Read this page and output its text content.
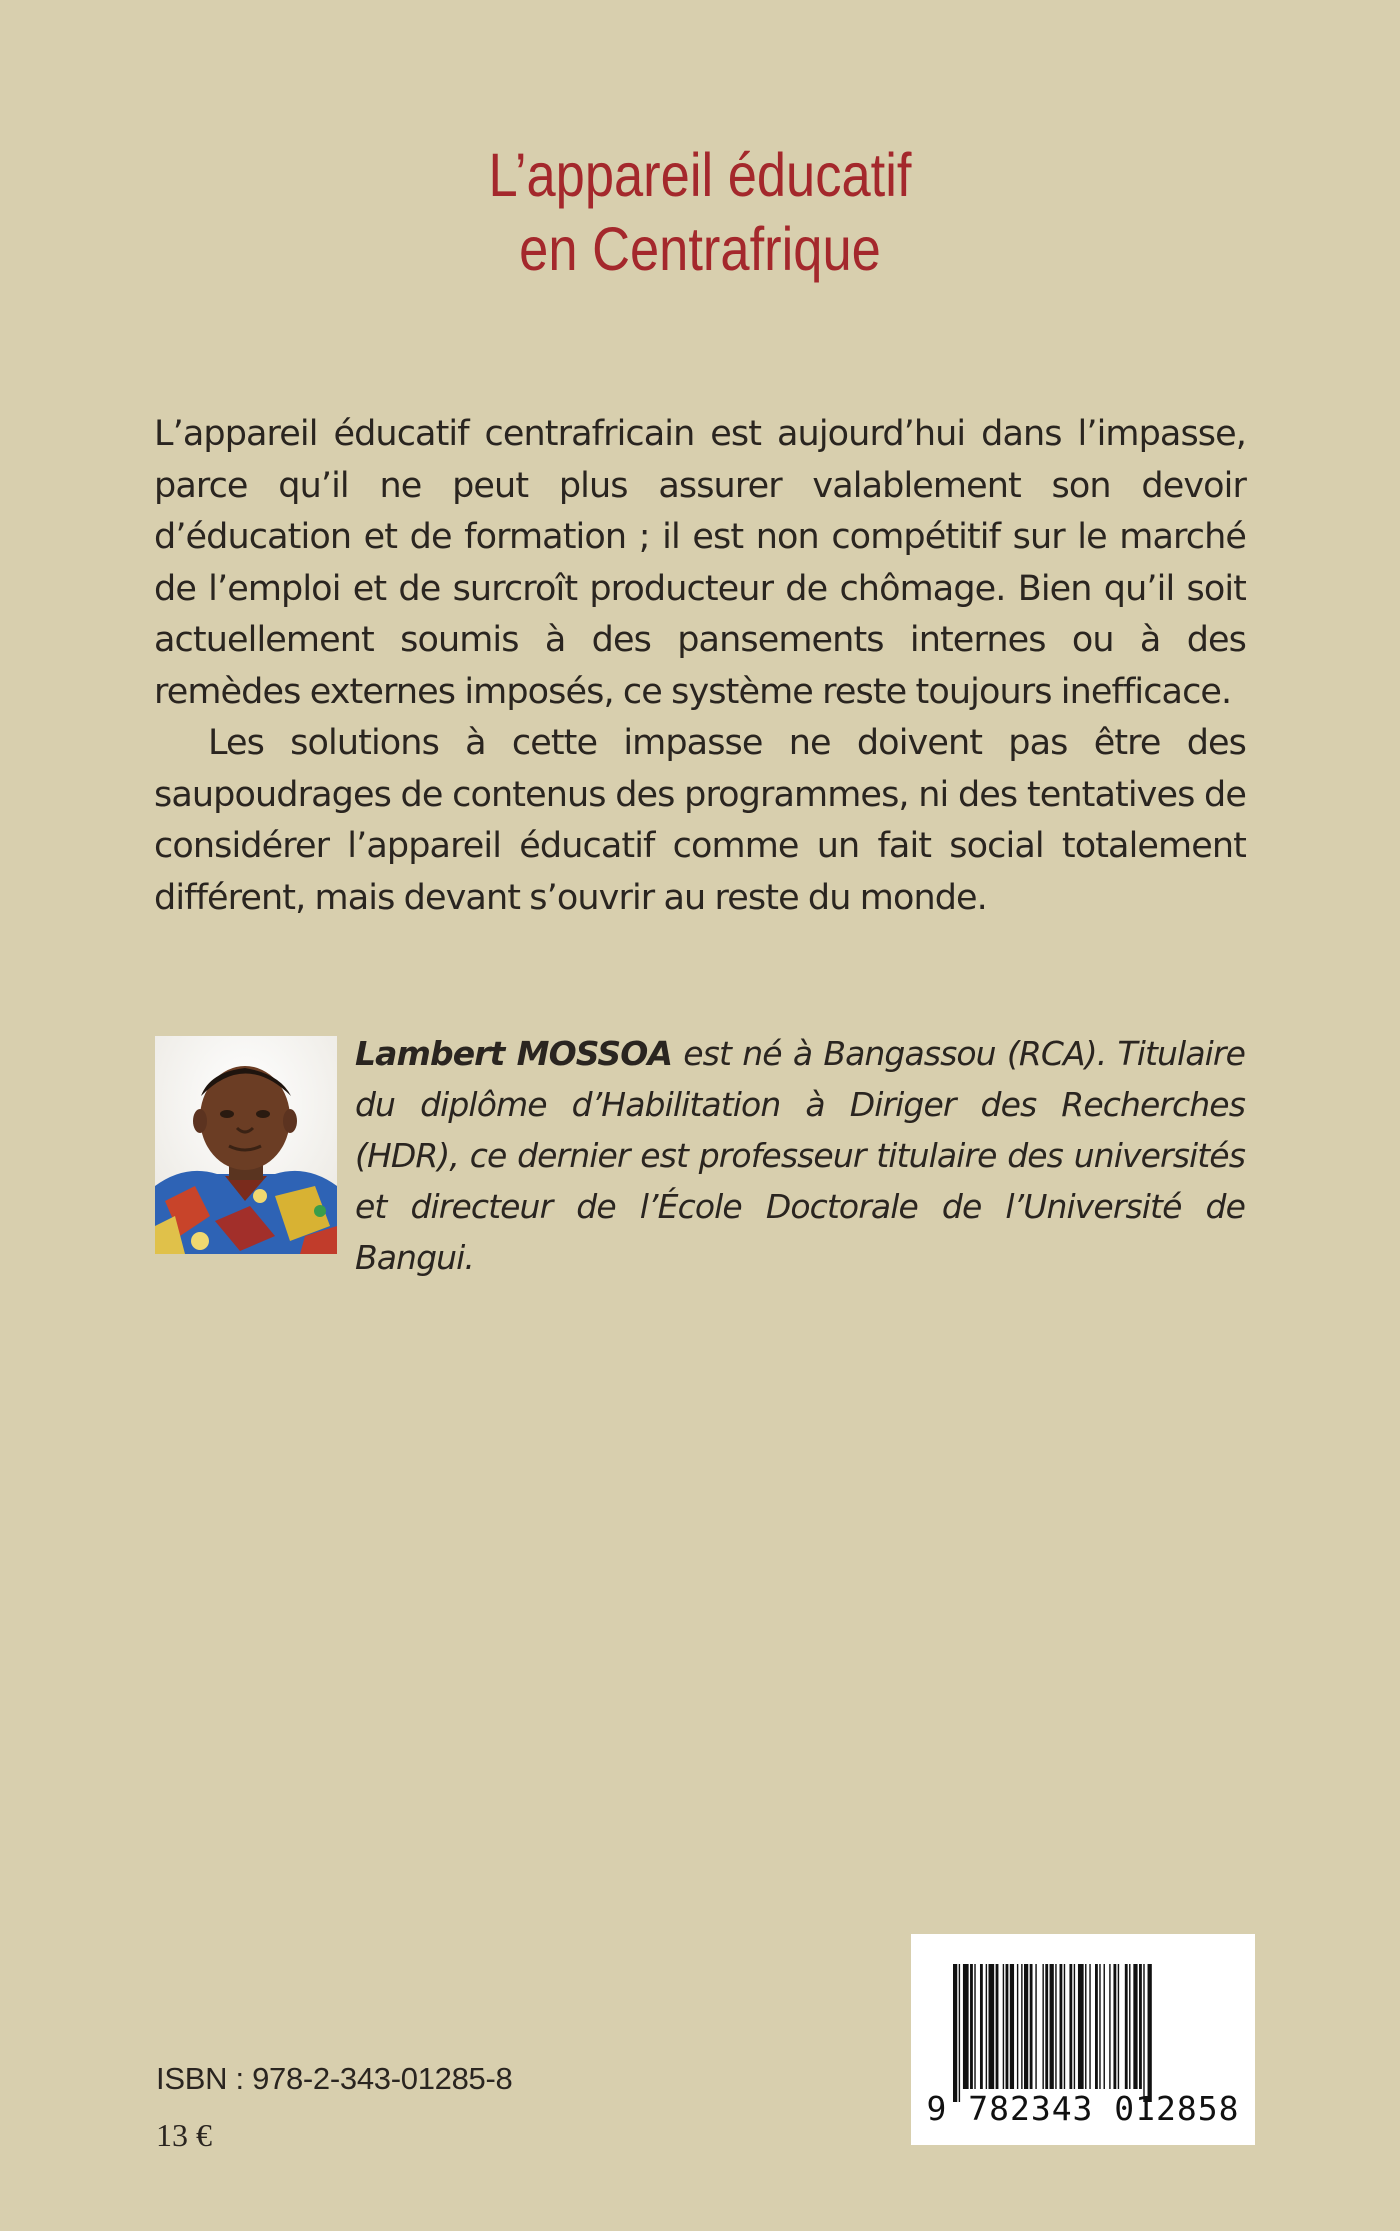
L’appareil éducatif
en Centrafrique

L’appareil éducatif centrafricain est aujourd’hui dans l’impasse, parce qu’il ne peut plus assurer valablement son devoir d’éducation et de formation ; il est non compétitif sur le marché de l’emploi et de surcroît producteur de chômage. Bien qu’il soit actuellement soumis à des pansements internes ou à des remèdes externes imposés, ce système reste toujours inefficace.

Les solutions à cette impasse ne doivent pas être des saupoudrages de contenus des programmes, ni des tentatives de considérer l’appareil éducatif comme un fait social totalement différent, mais devant s’ouvrir au reste du monde.

Lambert MOSSOA est né à Bangassou (RCA). Titulaire du diplôme d’Habilitation à Diriger des Recherches (HDR), ce dernier est professeur titulaire des universités et directeur de l’École Doctorale de l’Université de Bangui.
ISBN : 978-2-343-01285-8
13 €
9 782343 012858
